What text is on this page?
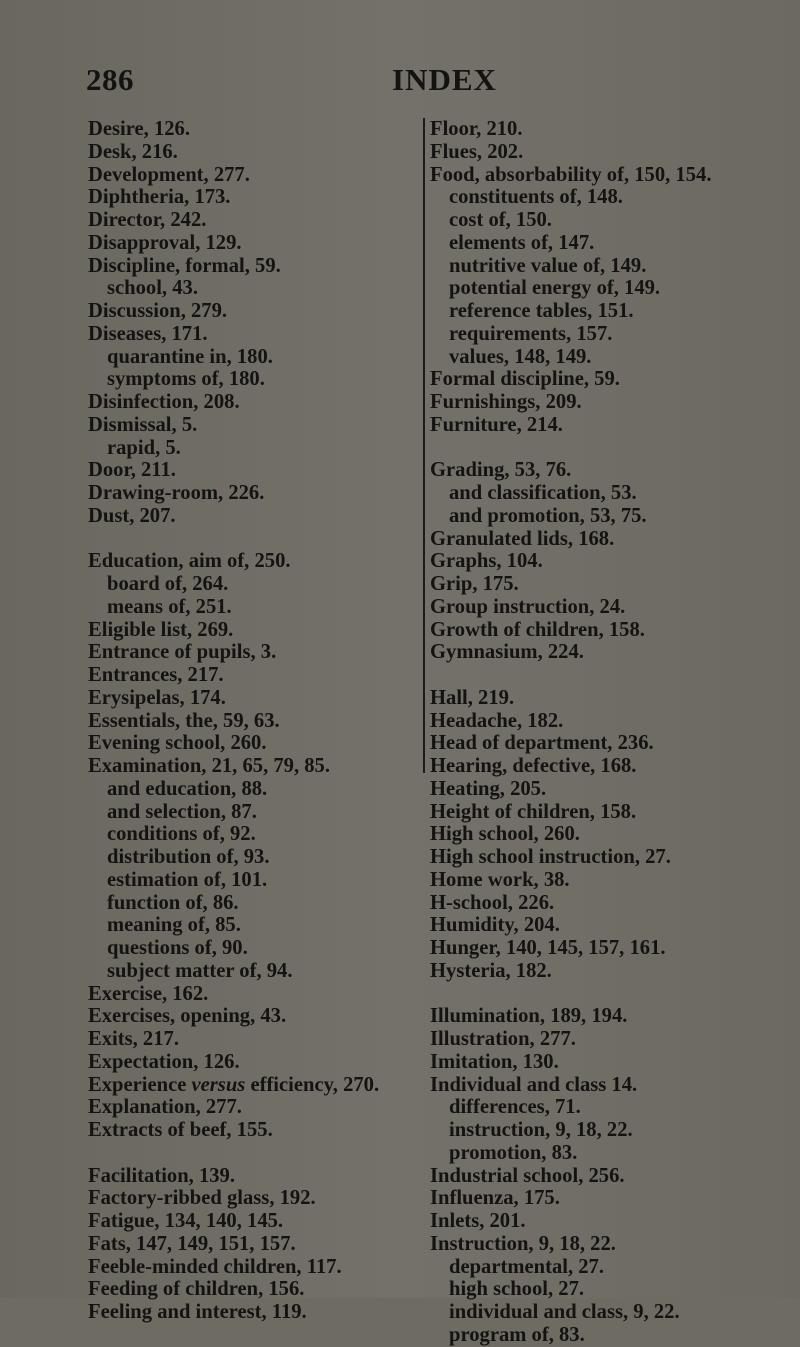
286	INDEX
Desire, 126.
Desk, 216.
Development, 277.
Diphtheria, 173.
Director, 242.
Disapproval, 129.
Discipline, formal, 59.
school, 43.
Discussion, 279.
Diseases, 171.
quarantine in, 180.
symptoms of, 180.
Disinfection, 208.
Dismissal, 5.
rapid, 5.
Door, 211.
Drawing-room, 226.
Dust, 207.
Education, aim of, 250.
board of, 264.
means of, 251.
Eligible list, 269.
Entrance of pupils, 3.
Entrances, 217.
Erysipelas, 174.
Essentials, the, 59, 63.
Evening school, 260.
Examination, 21, 65, 79, 85.
and education, 88.
and selection, 87.
conditions of, 92.
distribution of, 93.
estimation of, 101.
function of, 86.
meaning of, 85.
questions of, 90.
subject matter of, 94.
Exercise, 162.
Exercises, opening, 43.
Exits, 217.
Expectation, 126.
Experience versus efficiency, 270.
Explanation, 277.
Extracts of beef, 155.
Facilitation, 139.
Factory-ribbed glass, 192.
Fatigue, 134, 140, 145.
Fats, 147, 149, 151, 157.
Feeble-minded children, 117.
Feeding of children, 156.
Feeling and interest, 119.
Floor, 210.
Flues, 202.
Food, absorbability of, 150, 154.
constituents of, 148.
cost of, 150.
elements of, 147.
nutritive value of, 149.
potential energy of, 149.
reference tables, 151.
requirements, 157.
values, 148, 149.
Formal discipline, 59.
Furnishings, 209.
Furniture, 214.
Grading, 53, 76.
and classification, 53.
and promotion, 53, 75.
Granulated lids, 168.
Graphs, 104.
Grip, 175.
Group instruction, 24.
Growth of children, 158.
Gymnasium, 224.
Hall, 219.
Headache, 182.
Head of department, 236.
Hearing, defective, 168.
Heating, 205.
Height of children, 158.
High school, 260.
High school instruction, 27.
Home work, 38.
H-school, 226.
Humidity, 204.
Hunger, 140, 145, 157, 161.
Hysteria, 182.
Illumination, 189, 194.
Illustration, 277.
Imitation, 130.
Individual and class 14.
differences, 71.
instruction, 9, 18, 22.
promotion, 83.
Industrial school, 256.
Influenza, 175.
Inlets, 201.
Instruction, 9, 18, 22.
departmental, 27.
high school, 27.
individual and class, 9, 22.
program of, 83.
